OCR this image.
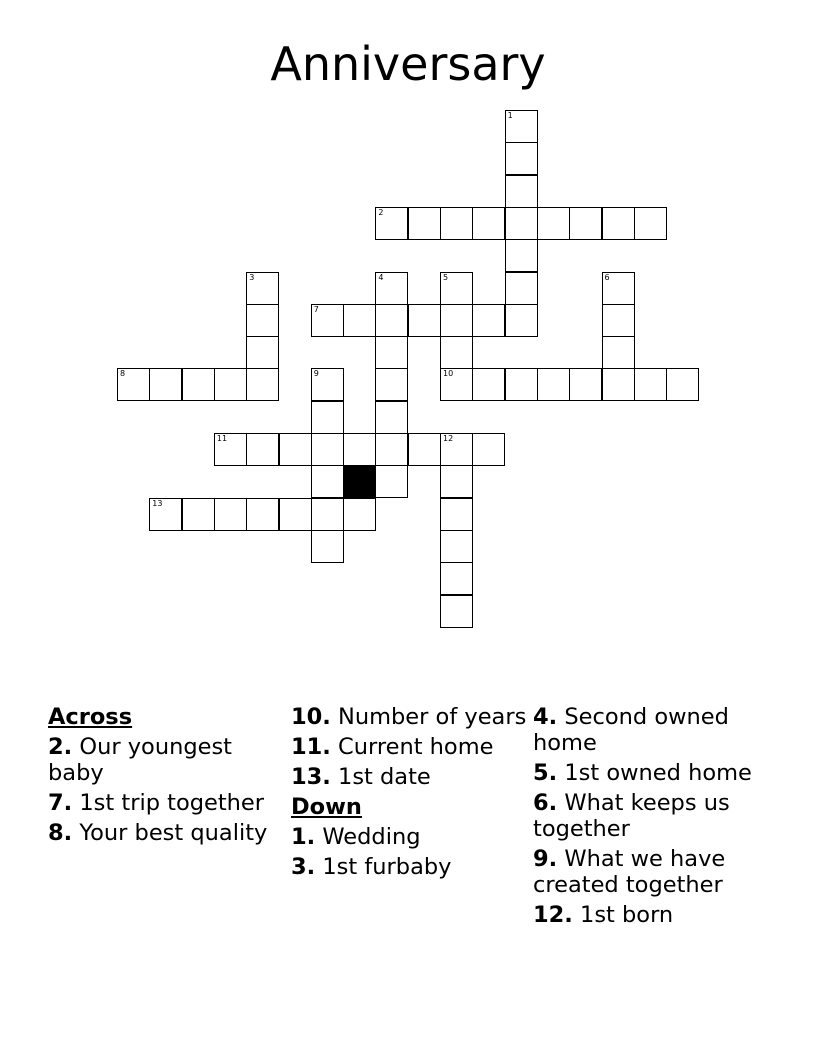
Anniversary
1
2
3	4	5	6
7
8	9	10
11	12
13
Across
2. Our youngest baby
7. 1st trip together
8. Your best quality
10. Number of years
11. Current home
13. 1st date
Down
1. Wedding
3. 1st furbaby
4. Second owned home
5. 1st owned home
6. What keeps us together
9. What we have created together
12. 1st born
